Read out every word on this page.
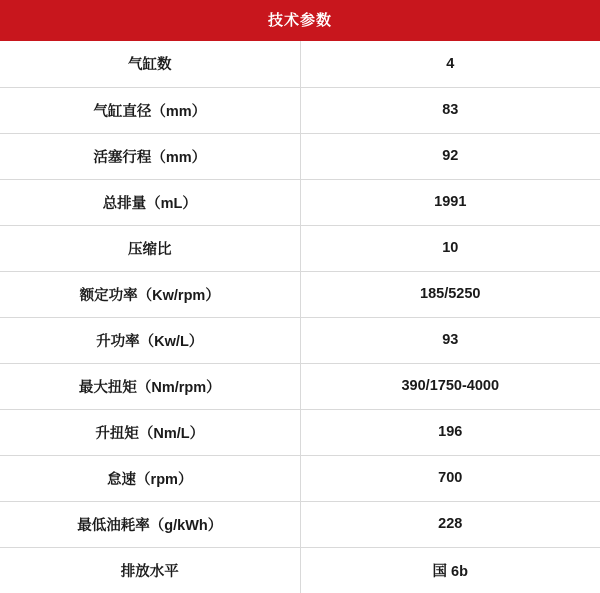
技术参数	
气缸数	4
气缸直径（mm）	83
活塞行程（mm）	92
总排量（mL）	1991
压缩比	10
额定功率（Kw/rpm）	185/5250
升功率（Kw/L）	93
最大扭矩（Nm/rpm）	390/1750-4000
升扭矩（Nm/L）	196
怠速（rpm）	700
最低油耗率（g/kWh）	228
排放水平	国 6b
